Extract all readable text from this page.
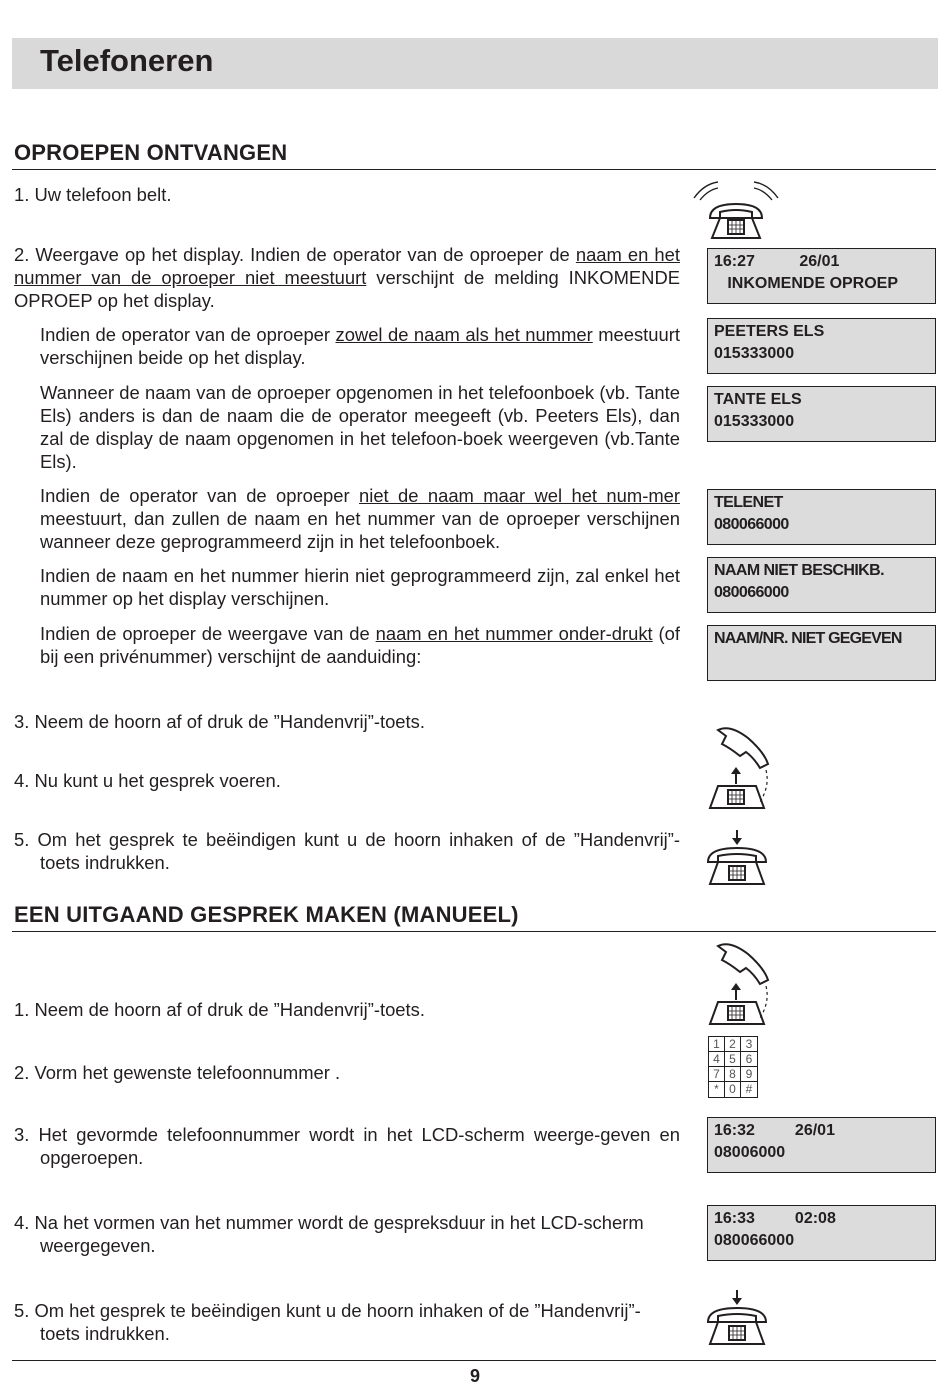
Telefoneren
OPROEPEN ONTVANGEN
1. Uw telefoon belt.
2. Weergave op het display. Indien de operator van de oproeper de naam en het nummer van de oproeper niet meestuurt verschijnt de melding INKOMENDE OPROEP op het display.
Indien de operator van de oproeper zowel de naam als het nummer meestuurt verschijnen beide op het display.
Wanneer de naam van de oproeper opgenomen in het telefoonboek (vb. Tante Els) anders is dan de naam die de operator meegeeft (vb. Peeters Els), dan zal de display de naam opgenomen in het telefoon-boek weergeven (vb.Tante Els).
Indien de operator van de oproeper niet de naam maar wel het num-mer meestuurt, dan zullen de naam en het nummer van de oproeper verschijnen wanneer deze geprogrammeerd zijn in het telefoonboek.
Indien de naam en het nummer hierin niet geprogrammeerd zijn, zal enkel het nummer op het display verschijnen.
Indien de oproeper de weergave van de naam en het nummer onder-drukt (of bij een privénummer) verschijnt de aanduiding:
3. Neem de hoorn af of druk de ”Handenvrij”-toets.
4. Nu kunt u het gesprek voeren.
5. Om het gesprek te beëindigen kunt u de hoorn inhaken of de ”Handenvrij”-toets indrukken.
16:27          26/01
INKOMENDE OPROEP
PEETERS ELS
015333000
TANTE ELS
015333000
TELENET
080066000
NAAM NIET BESCHIKB.
080066000
NAAM/NR. NIET GEGEVEN
EEN UITGAAND GESPREK MAKEN (MANUEEL)
1. Neem de hoorn af of druk de ”Handenvrij”-toets.
2. Vorm het gewenste telefoonnummer .
3. Het gevormde telefoonnummer wordt in het LCD-scherm weerge-geven en opgeroepen.
4. Na het vormen van het nummer wordt de gespreksduur in het LCD-scherm weergegeven.
5. Om het gesprek te beëindigen kunt u de hoorn inhaken of de ”Handenvrij”-toets indrukken.
1 2 3
4 5 6
7 8 9
* 0 #
16:32         26/01
08006000
16:33         02:08
080066000
9
